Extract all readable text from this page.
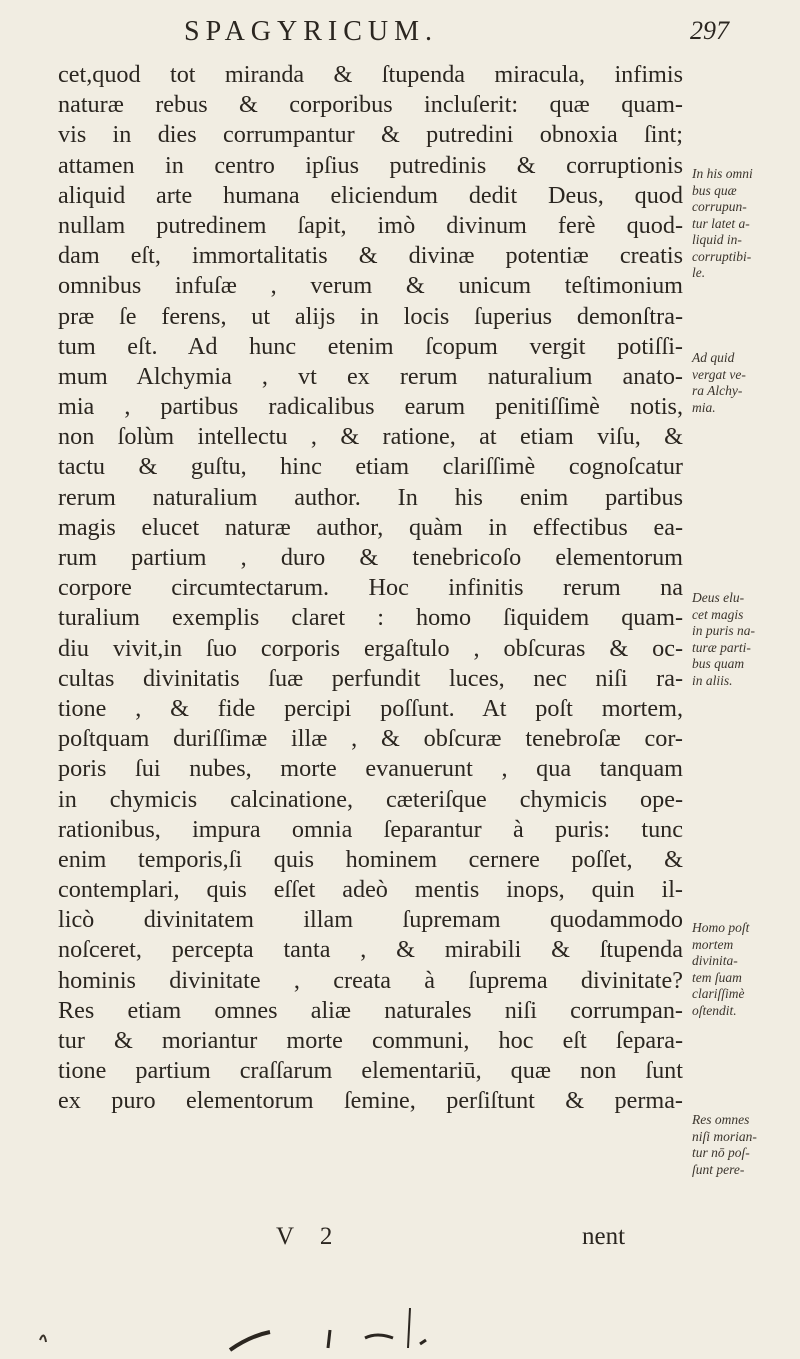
SPAGYRICUM.	297
cet,quod tot miranda & ſtupenda miracula, infimis
naturæ rebus & corporibus incluſerit: quæ quam-
vis in dies corrumpantur & putredini obnoxia ſint;
attamen in centro ipſius putredinis & corruptionis
aliquid arte humana eliciendum dedit Deus, quod
nullam putredinem ſapit, imò divinum ferè quod-
dam eſt, immortalitatis & divinæ potentiæ creatis
omnibus infuſæ , verum & unicum teſtimonium
præ ſe ferens, ut alijs in locis ſuperius demonſtra-
tum eſt. Ad hunc etenim ſcopum vergit potiſſi-
mum Alchymia , vt ex rerum naturalium anato-
mia , partibus radicalibus earum penitiſſimè notis,
non ſolùm intellectu , & ratione, at etiam viſu, &
tactu & guſtu, hinc etiam clariſſimè cognoſcatur
rerum naturalium author. In his enim partibus
magis elucet naturæ author, quàm in effectibus ea-
rum partium , duro & tenebricoſo elementorum
corpore circumtectarum. Hoc infinitis rerum na
turalium exemplis claret : homo ſiquidem quam-
diu vivit,in ſuo corporis ergaſtulo , obſcuras & oc-
cultas divinitatis ſuæ perfundit luces, nec niſi ra-
tione , & fide percipi poſſunt. At poſt mortem,
poſtquam duriſſimæ illæ , & obſcuræ tenebroſæ cor-
poris ſui nubes, morte evanuerunt , qua tanquam
in chymicis calcinatione, cæteriſque chymicis ope-
rationibus, impura omnia ſeparantur à puris: tunc
enim temporis,ſi quis hominem cernere poſſet, &
contemplari, quis eſſet adeò mentis inops, quin il-
licò divinitatem illam ſupremam quodammodo
noſceret, percepta tanta , & mirabili & ſtupenda
hominis divinitate , creata à ſuprema divinitate?
Res etiam omnes aliæ naturales niſi corrumpan-
tur & moriantur morte communi, hoc eſt ſepara-
tione partium craſſarum elementariū, quæ non ſunt
ex puro elementorum ſemine, perſiſtunt & perma-
In his omni
bus quæ
corrupun-
tur latet a-
liquid in-
corruptibi-
le.
Ad quid
vergat ve-
ra Alchy-
mia.
Deus elu-
cet magis
in puris na-
turæ parti-
bus quam
in aliis.
Homo poſt
mortem
divinita-
tem ſuam
clariſſimè
oſtendit.
Res omnes
niſi morian-
tur nō poſ-
ſunt pere-
V 2	nent
